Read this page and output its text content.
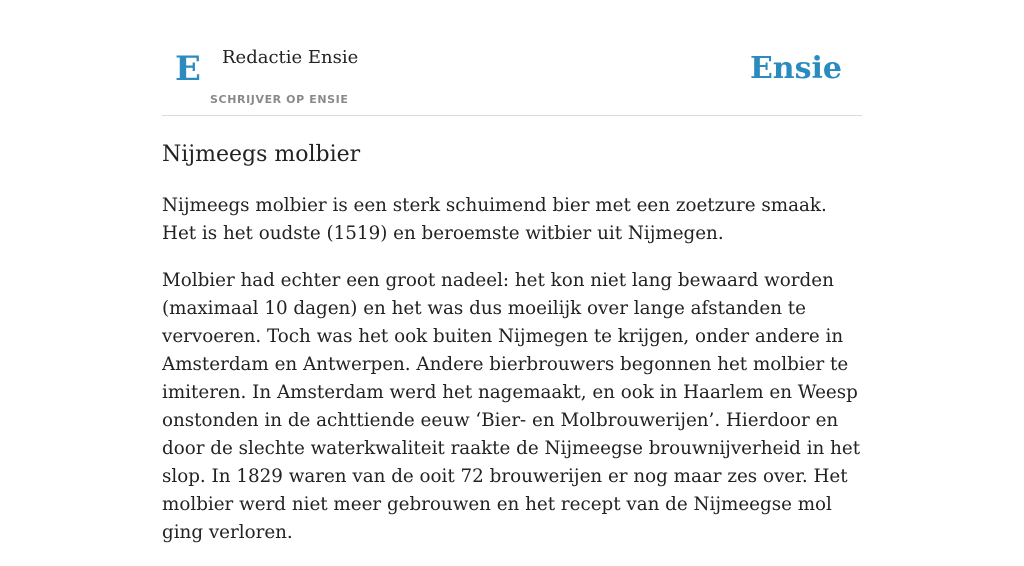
E Redactie Ensie
SCHRIJVER OP ENSIE
Ensie
Nijmeegs molbier

Nijmeegs molbier is een sterk schuimend bier met een zoetzure smaak. Het is het oudste (1519) en beroemste witbier uit Nijmegen.

Molbier had echter een groot nadeel: het kon niet lang bewaard worden (maximaal 10 dagen) en het was dus moeilijk over lange afstanden te vervoeren. Toch was het ook buiten Nijmegen te krijgen, onder andere in Amsterdam en Antwerpen. Andere bierbrouwers begonnen het molbier te imiteren. In Amsterdam werd het nagemaakt, en ook in Haarlem en Weesp onstonden in de achttiende eeuw ‘Bier- en Molbrouwerijen’. Hierdoor en door de slechte waterkwaliteit raakte de Nijmeegse brouwnijverheid in het slop. In 1829 waren van de ooit 72 brouwerijen er nog maar zes over. Het molbier werd niet meer gebrouwen en het recept van de Nijmeegse mol ging verloren.
